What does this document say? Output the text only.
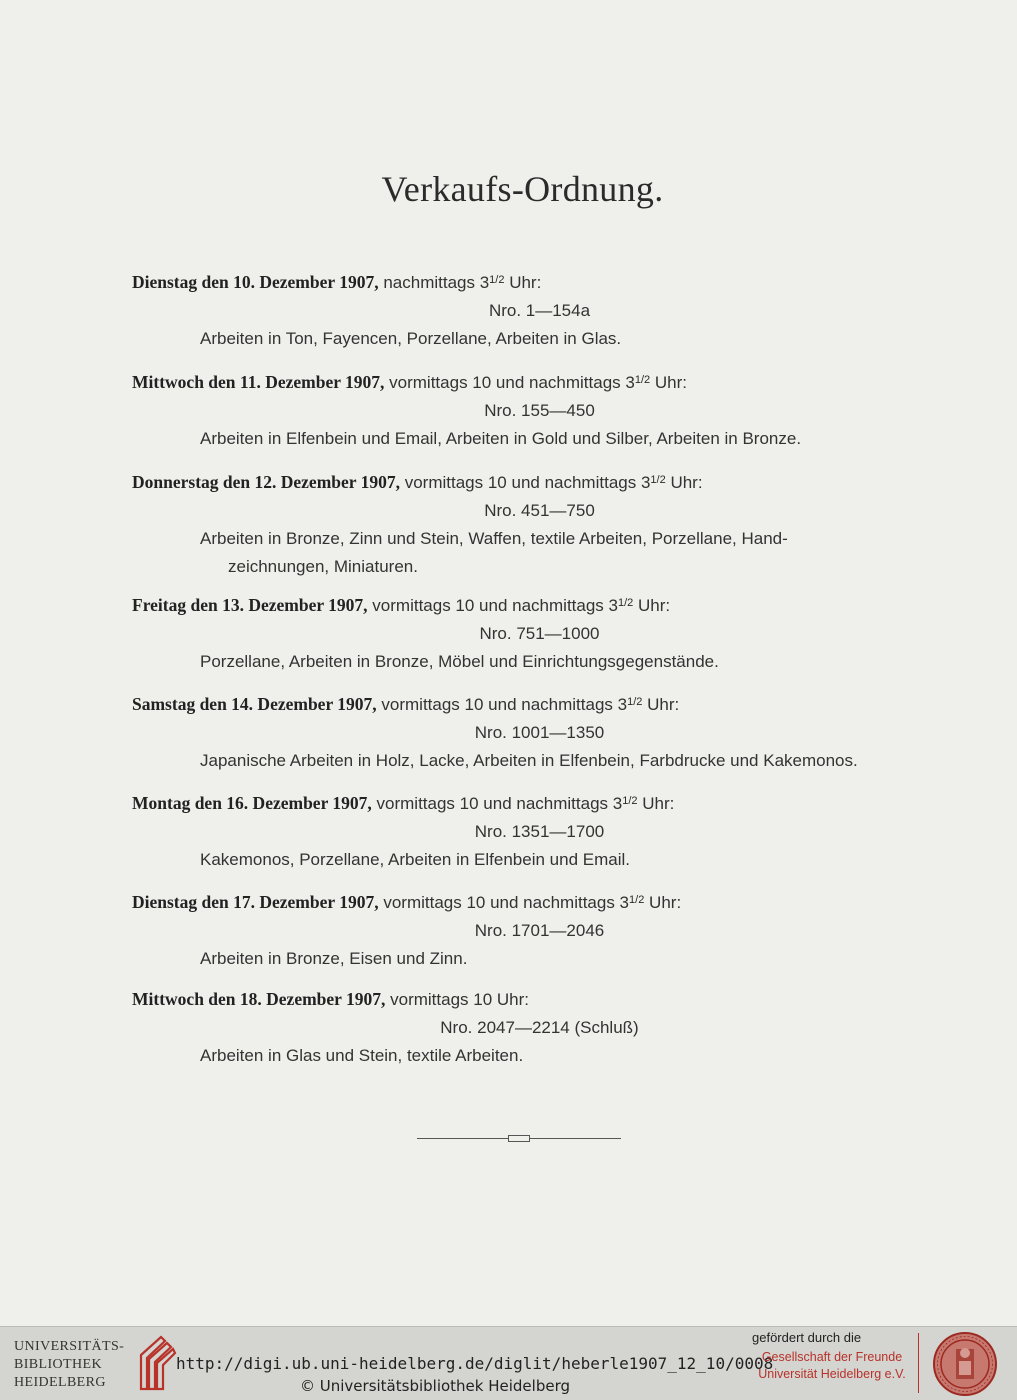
Verkaufs-Ordnung.
Dienstag den 10. Dezember 1907, nachmittags $3^{1/2}$ Uhr:
Nro. 1—154a
Arbeiten in Ton, Fayencen, Porzellane, Arbeiten in Glas.
Mittwoch den 11. Dezember 1907, vormittags 10 und nachmittags $3^{1/2}$ Uhr:
Nro. 155—450
Arbeiten in Elfenbein und Email, Arbeiten in Gold und Silber, Arbeiten in Bronze.
Donnerstag den 12. Dezember 1907, vormittags 10 und nachmittags $3^{1/2}$ Uhr:
Nro. 451—750
Arbeiten in Bronze, Zinn und Stein, Waffen, textile Arbeiten, Porzellane, Hand-
zeichnungen, Miniaturen.
Freitag den 13. Dezember 1907, vormittags 10 und nachmittags $3^{1/2}$ Uhr:
Nro. 751—1000
Porzellane, Arbeiten in Bronze, Möbel und Einrichtungsgegenstände.
Samstag den 14. Dezember 1907, vormittags 10 und nachmittags $3^{1/2}$ Uhr:
Nro. 1001—1350
Japanische Arbeiten in Holz, Lacke, Arbeiten in Elfenbein, Farbdrucke und Kakemonos.
Montag den 16. Dezember 1907, vormittags 10 und nachmittags $3^{1/2}$ Uhr:
Nro. 1351—1700
Kakemonos, Porzellane, Arbeiten in Elfenbein und Email.
Dienstag den 17. Dezember 1907, vormittags 10 und nachmittags $3^{1/2}$ Uhr:
Nro. 1701—2046
Arbeiten in Bronze, Eisen und Zinn.
Mittwoch den 18. Dezember 1907, vormittags 10 Uhr:
Nro. 2047—2214 (Schluß)
Arbeiten in Glas und Stein, textile Arbeiten.
UNIVERSITÄTS-
BIBLIOTHEK
HEIDELBERG
http://digi.ub.uni-heidelberg.de/diglit/heberle1907_12_10/0008
© Universitätsbibliothek Heidelberg
gefördert durch die
Gesellschaft der Freunde
Universität Heidelberg e.V.
